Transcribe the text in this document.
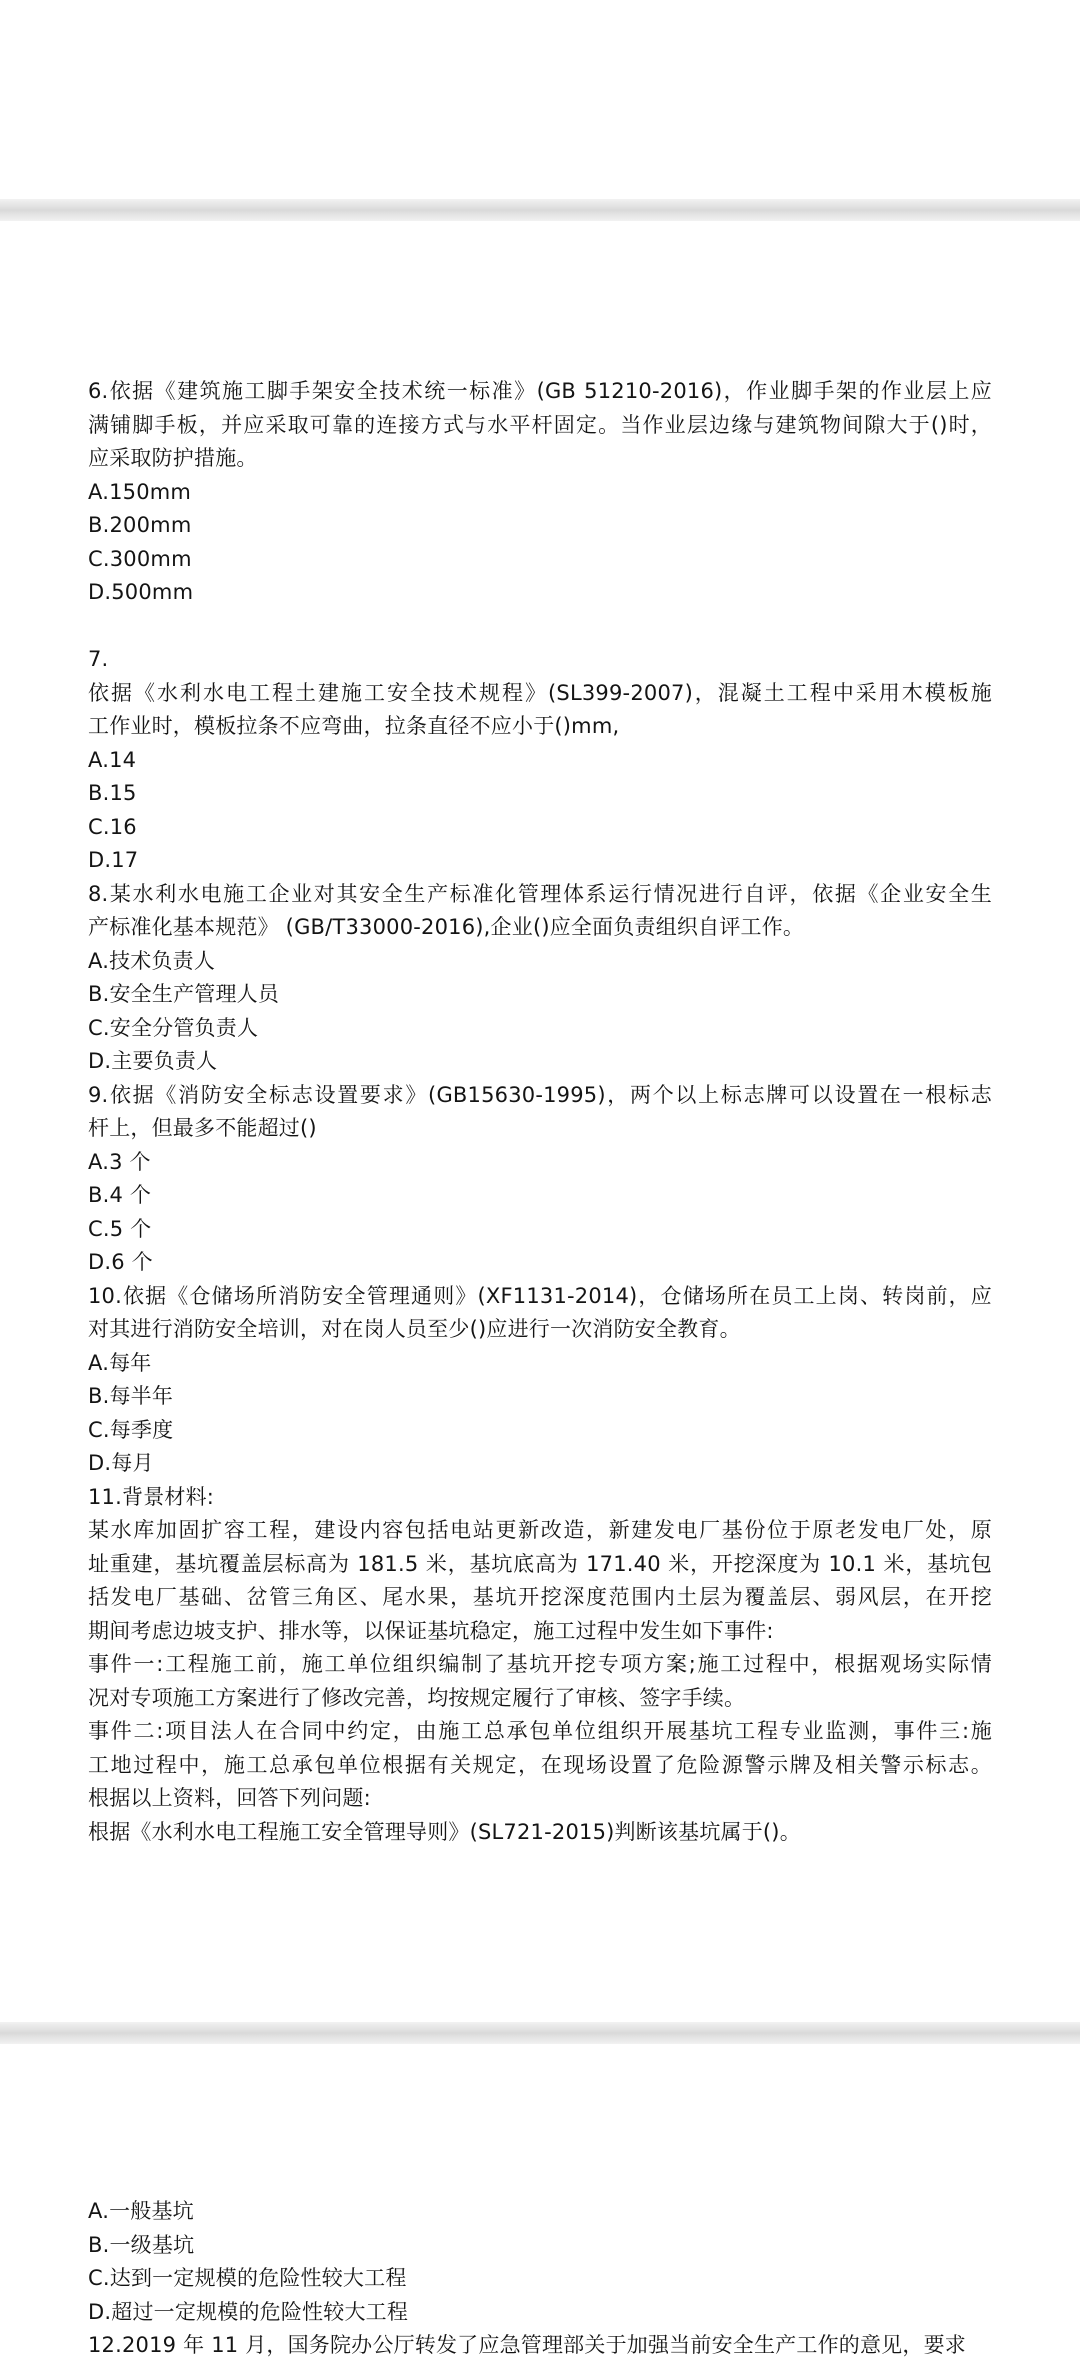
6.依据《建筑施工脚手架安全技术统一标准》(GB 51210-2016)，作业脚手架的作业层上应
满铺脚手板，并应采取可靠的连接方式与水平杆固定。当作业层边缘与建筑物间隙大于()时，
应采取防护措施。
A.150mm
B.200mm
C.300mm
D.500mm
7.
依据《水利水电工程土建施工安全技术规程》(SL399-2007)，混凝土工程中采用木模板施
工作业时，模板拉条不应弯曲，拉条直径不应小于()mm,
A.14
B.15
C.16
D.17
8.某水利水电施工企业对其安全生产标准化管理体系运行情况进行自评，依据《企业安全生
产标准化基本规范》 (GB/T33000-2016),企业()应全面负责组织自评工作。
A.技术负责人
B.安全生产管理人员
C.安全分管负责人
D.主要负责人
9.依据《消防安全标志设置要求》(GB15630-1995)，两个以上标志牌可以设置在一根标志
杆上，但最多不能超过()
A.3 个
B.4 个
C.5 个
D.6 个
10.依据《仓储场所消防安全管理通则》(XF1131-2014)，仓储场所在员工上岗、转岗前，应
对其进行消防安全培训，对在岗人员至少()应进行一次消防安全教育。
A.每年
B.每半年
C.每季度
D.每月
11.背景材料:
某水库加固扩容工程，建设内容包括电站更新改造，新建发电厂基份位于原老发电厂处，原
址重建，基坑覆盖层标高为 181.5 米，基坑底高为 171.40 米，开挖深度为 10.1 米，基坑包
括发电厂基础、岔管三角区、尾水果，基坑开挖深度范围内土层为覆盖层、弱风层，在开挖
期间考虑边坡支护、排水等，以保证基坑稳定，施工过程中发生如下事件:
事件一:工程施工前，施工单位组织编制了基坑开挖专项方案;施工过程中，根据观场实际情
况对专项施工方案进行了修改完善，均按规定履行了审核、签字手续。
事件二:项目法人在合同中约定，由施工总承包单位组织开展基坑工程专业监测，事件三:施
工地过程中，施工总承包单位根据有关规定，在现场设置了危险源警示牌及相关警示标志。
根据以上资料，回答下列问题:
根据《水利水电工程施工安全管理导则》(SL721-2015)判断该基坑属于()。
A.一般基坑
B.一级基坑
C.达到一定规模的危险性较大工程
D.超过一定规模的危险性较大工程
12.2019 年 11 月，国务院办公厅转发了应急管理部关于加强当前安全生产工作的意见，要求
